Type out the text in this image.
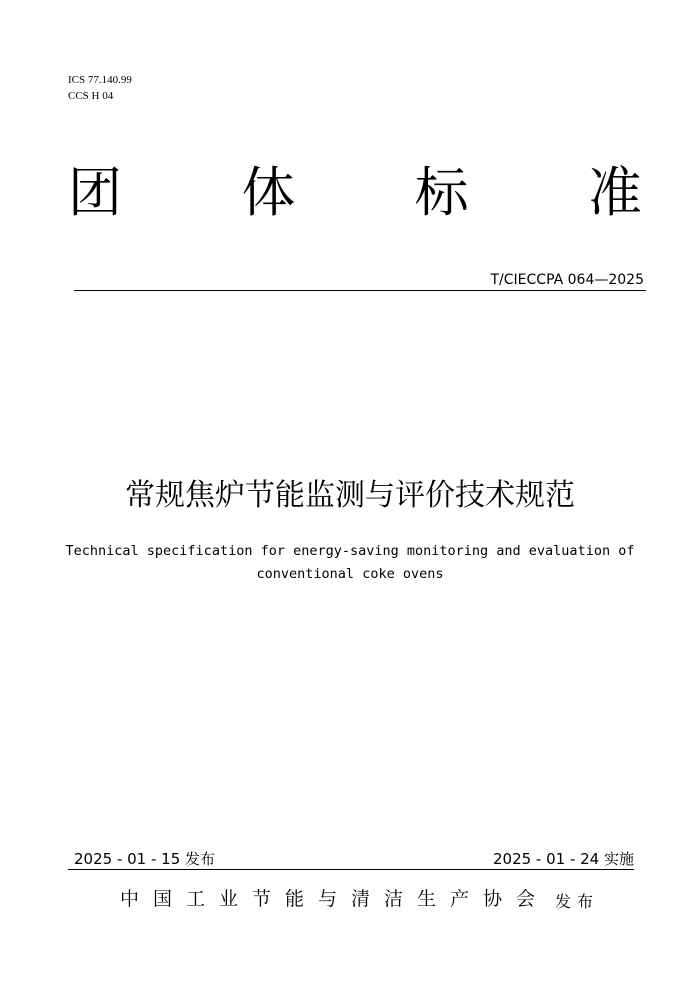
ICS 77.140.99
CCS H 04
团 体 标 准
T/CIECCPA 064—2025
常规焦炉节能监测与评价技术规范
Technical specification for energy-saving monitoring and evaluation of
conventional coke ovens
2025 - 01 - 15 发布	2025 - 01 - 24 实施
中国工业节能与清洁生产协会 发布
